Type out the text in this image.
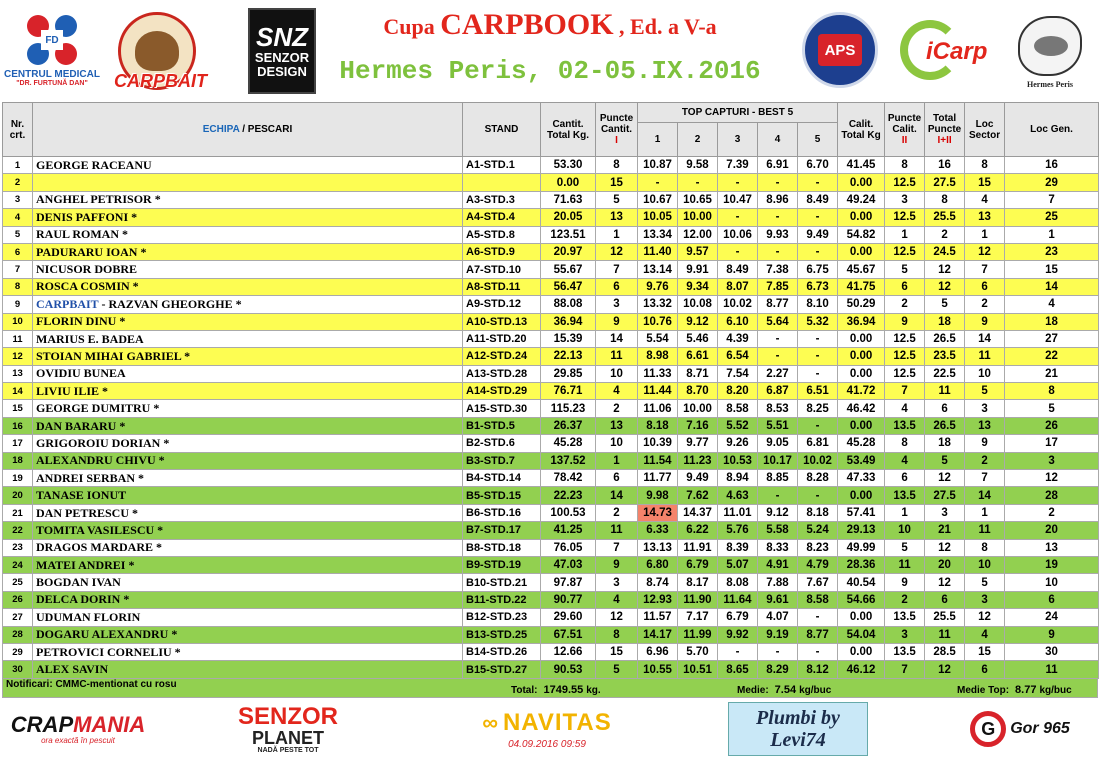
FD
CENTRUL MEDICAL
"DR. FURTUNĂ DAN" CARPBAIT
SNZ
SENZOR
DESIGN
Cupa CARPBOOK , Ed. a V-a
Hermes Peris, 02-05.IX.2016
APS	iCarp
Hermes Peris
Nr. crt.	ECHIPA / PESCARI	STAND	Cantit. Total Kg.	Puncte Cantit.
I	TOP CAPTURI - BEST 5					Calit. Total Kg	Puncte Calit.
II	Total Puncte
I+II	Loc Sector	Loc Gen.
					1	2	3	4	5					
1	GEORGE RACEANU	A1-STD.1	53.30	8	10.87	9.58	7.39	6.91	6.70	41.45	8	16	8	16
2			0.00	15	-	-	-	-	-	0.00	12.5	27.5	15	29
3	ANGHEL PETRISOR *	A3-STD.3	71.63	5	10.67	10.65	10.47	8.96	8.49	49.24	3	8	4	7
4	DENIS PAFFONI *	A4-STD.4	20.05	13	10.05	10.00	-	-	-	0.00	12.5	25.5	13	25
5	RAUL ROMAN *	A5-STD.8	123.51	1	13.34	12.00	10.06	9.93	9.49	54.82	1	2	1	1
6	PADURARU IOAN *	A6-STD.9	20.97	12	11.40	9.57	-	-	-	0.00	12.5	24.5	12	23
7	NICUSOR DOBRE	A7-STD.10	55.67	7	13.14	9.91	8.49	7.38	6.75	45.67	5	12	7	15
8	ROSCA COSMIN *	A8-STD.11	56.47	6	9.76	9.34	8.07	7.85	6.73	41.75	6	12	6	14
9	CARPBAIT - RAZVAN GHEORGHE *	A9-STD.12	88.08	3	13.32	10.08	10.02	8.77	8.10	50.29	2	5	2	4
10	FLORIN DINU *	A10-STD.13	36.94	9	10.76	9.12	6.10	5.64	5.32	36.94	9	18	9	18
11	MARIUS E. BADEA	A11-STD.20	15.39	14	5.54	5.46	4.39	-	-	0.00	12.5	26.5	14	27
12	STOIAN MIHAI GABRIEL *	A12-STD.24	22.13	11	8.98	6.61	6.54	-	-	0.00	12.5	23.5	11	22
13	OVIDIU BUNEA	A13-STD.28	29.85	10	11.33	8.71	7.54	2.27	-	0.00	12.5	22.5	10	21
14	LIVIU ILIE *	A14-STD.29	76.71	4	11.44	8.70	8.20	6.87	6.51	41.72	7	11	5	8
15	GEORGE DUMITRU *	A15-STD.30	115.23	2	11.06	10.00	8.58	8.53	8.25	46.42	4	6	3	5
16	DAN BARARU *	B1-STD.5	26.37	13	8.18	7.16	5.52	5.51	-	0.00	13.5	26.5	13	26
17	GRIGOROIU DORIAN *	B2-STD.6	45.28	10	10.39	9.77	9.26	9.05	6.81	45.28	8	18	9	17
18	ALEXANDRU CHIVU *	B3-STD.7	137.52	1	11.54	11.23	10.53	10.17	10.02	53.49	4	5	2	3
19	ANDREI SERBAN *	B4-STD.14	78.42	6	11.77	9.49	8.94	8.85	8.28	47.33	6	12	7	12
20	TANASE IONUT	B5-STD.15	22.23	14	9.98	7.62	4.63	-	-	0.00	13.5	27.5	14	28
21	DAN PETRESCU *	B6-STD.16	100.53	2	14.73	14.37	11.01	9.12	8.18	57.41	1	3	1	2
22	TOMITA VASILESCU *	B7-STD.17	41.25	11	6.33	6.22	5.76	5.58	5.24	29.13	10	21	11	20
23	DRAGOS MARDARE *	B8-STD.18	76.05	7	13.13	11.91	8.39	8.33	8.23	49.99	5	12	8	13
24	MATEI ANDREI *	B9-STD.19	47.03	9	6.80	6.79	5.07	4.91	4.79	28.36	11	20	10	19
25	BOGDAN IVAN	B10-STD.21	97.87	3	8.74	8.17	8.08	7.88	7.67	40.54	9	12	5	10
26	DELCA DORIN *	B11-STD.22	90.77	4	12.93	11.90	11.64	9.61	8.58	54.66	2	6	3	6
27	UDUMAN FLORIN	B12-STD.23	29.60	12	11.57	7.17	6.79	4.07	-	0.00	13.5	25.5	12	24
28	DOGARU ALEXANDRU *	B13-STD.25	67.51	8	14.17	11.99	9.92	9.19	8.77	54.04	3	11	4	9
29	PETROVICI CORNELIU *	B14-STD.26	12.66	15	6.96	5.70	-	-	-	0.00	13.5	28.5	15	30
30	ALEX SAVIN	B15-STD.27	90.53	5	10.55	10.51	8.65	8.29	8.12	46.12	7	12	6	11
Notificari: CMMC-mentionat cu rosu
Total: 1749.55 kg.	Medie: 7.54 kg/buc	Medie Top: 8.77 kg/buc
CRAPMANIA
ora exactă în pescuit
SENZOR
PLANET
NADĂ PESTE TOT
∞ NAVITAS
04.09.2016 09:59
Plumbi by
Levi74
G Gor 965
